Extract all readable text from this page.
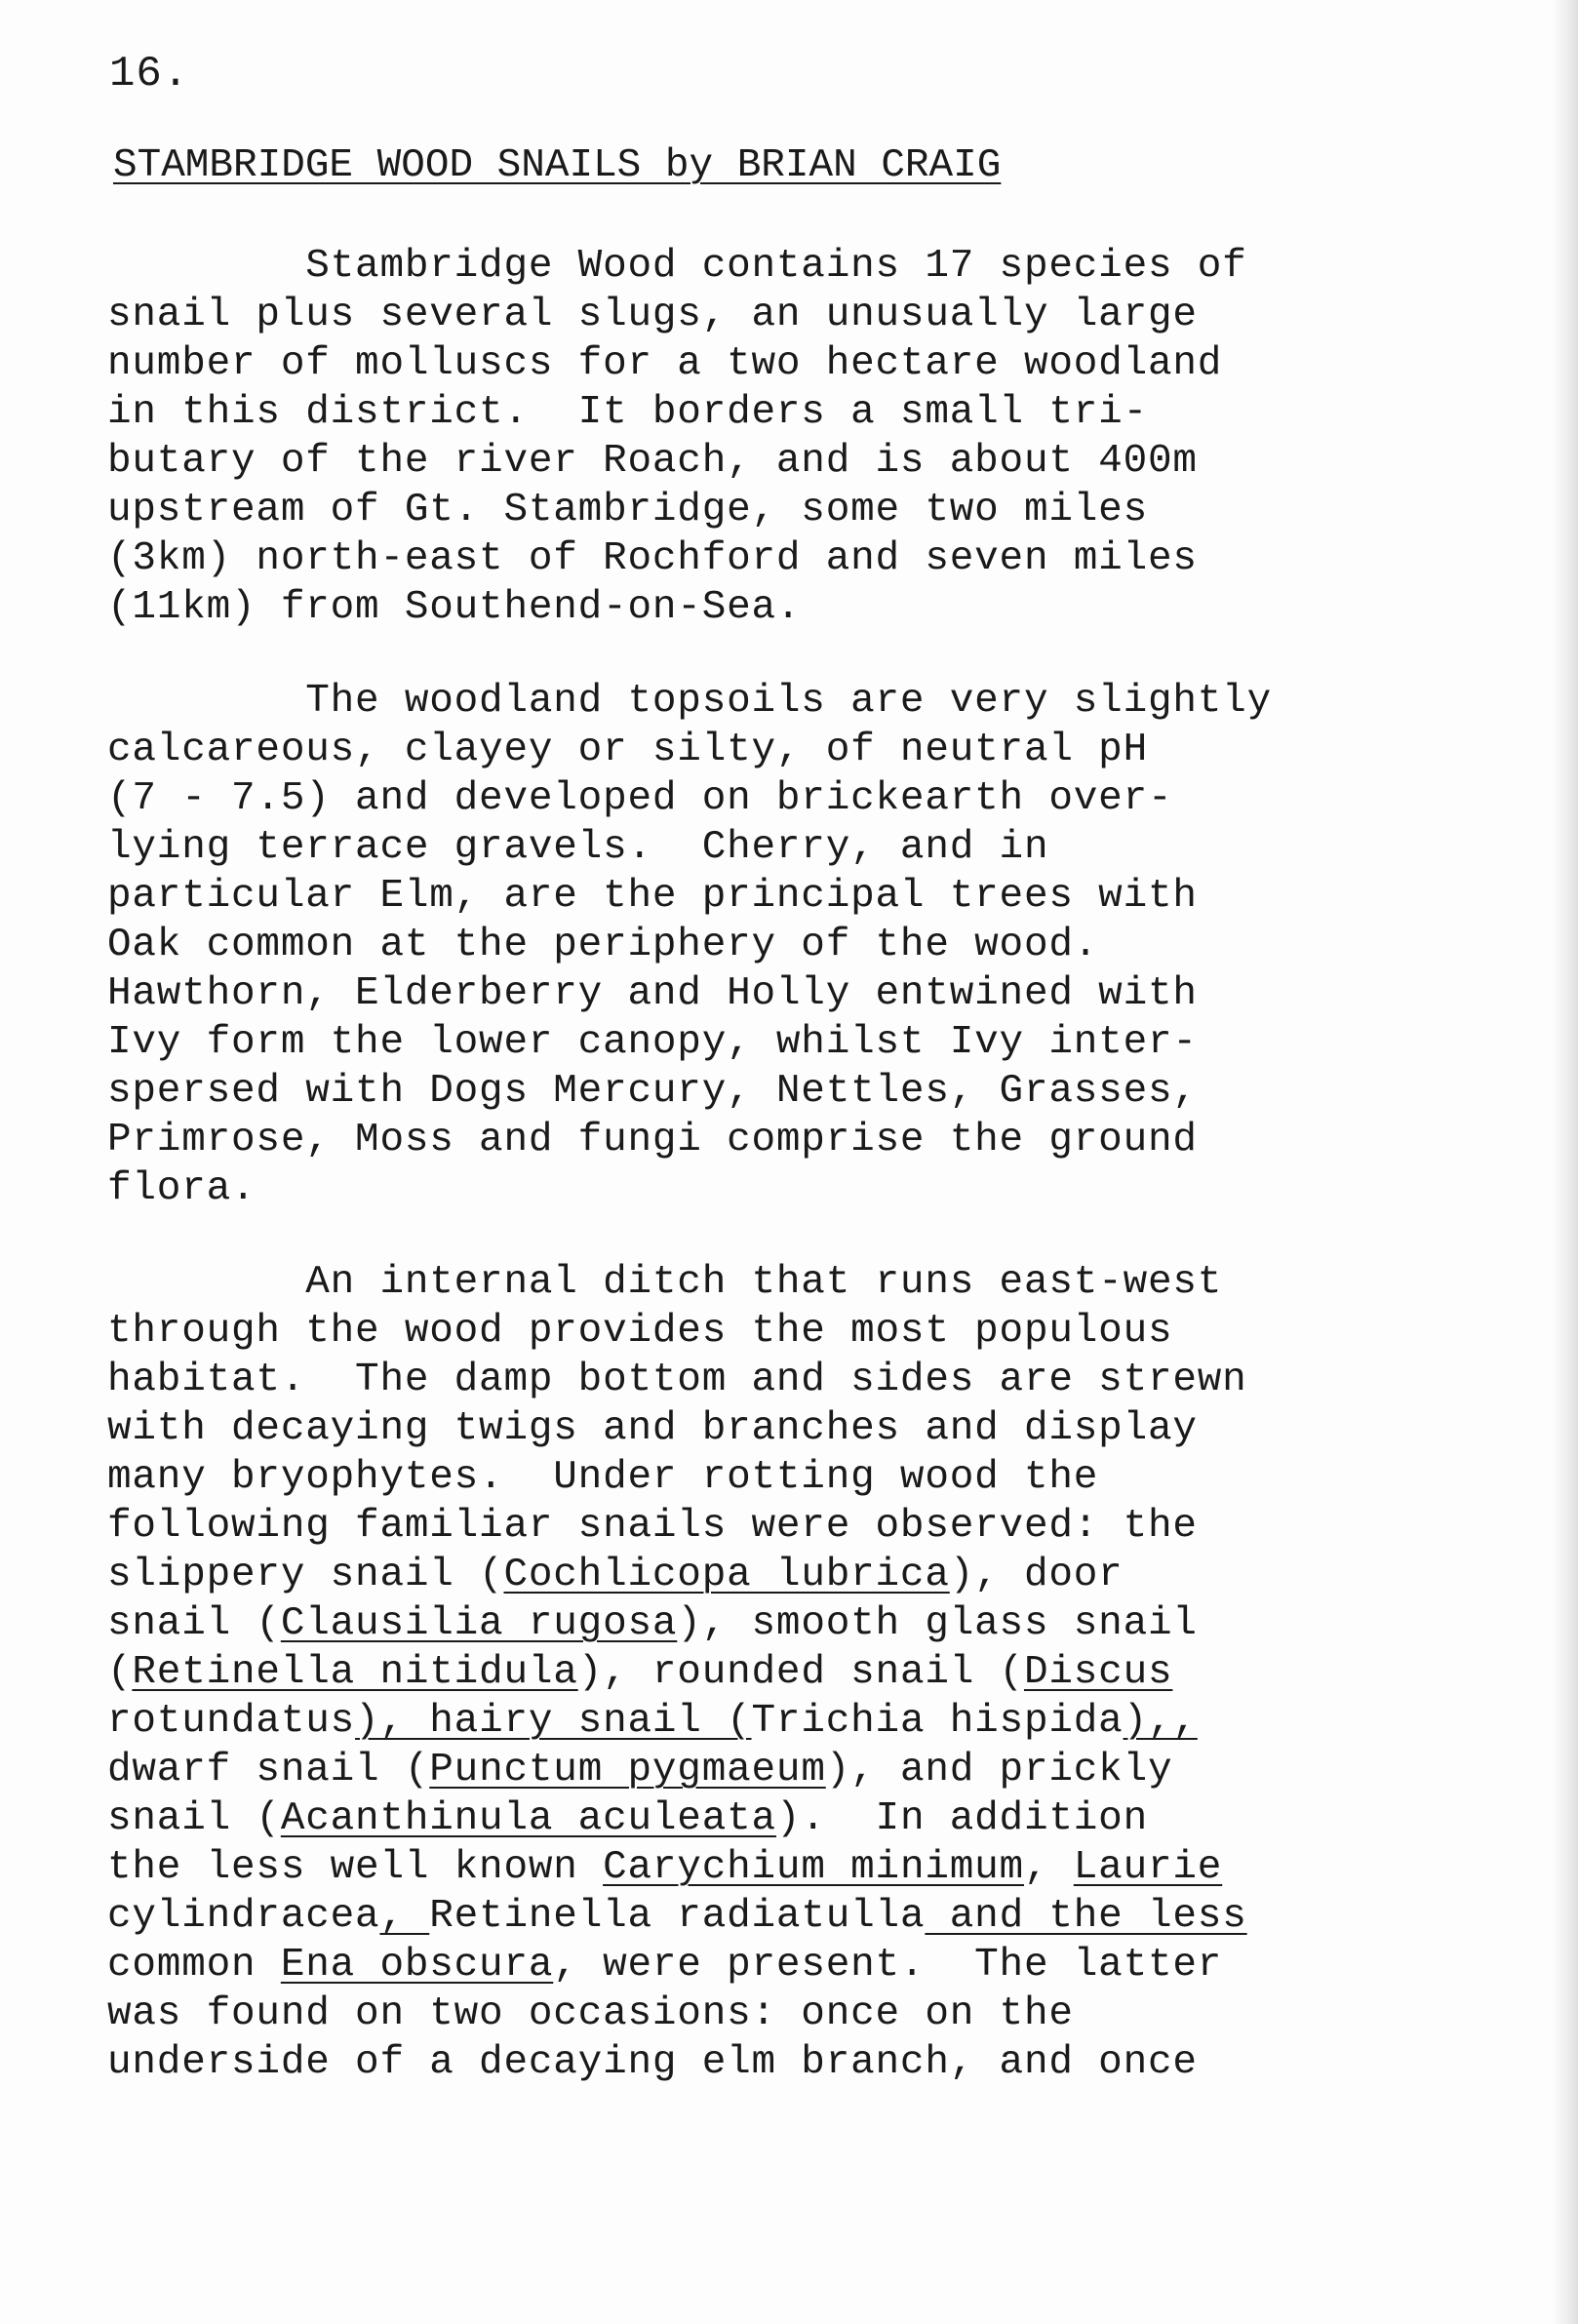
16.
STAMBRIDGE WOOD SNAILS by BRIAN CRAIG
Stambridge Wood contains 17 species of
snail plus several slugs, an unusually large
number of molluscs for a two hectare woodland
in this district.  It borders a small tri-
butary of the river Roach, and is about 400m
upstream of Gt. Stambridge, some two miles
(3km) north-east of Rochford and seven miles
(11km) from Southend-on-Sea.
The woodland topsoils are very slightly
calcareous, clayey or silty, of neutral pH
(7 - 7.5) and developed on brickearth over-
lying terrace gravels.  Cherry, and in
particular Elm, are the principal trees with
Oak common at the periphery of the wood.
Hawthorn, Elderberry and Holly entwined with
Ivy form the lower canopy, whilst Ivy inter-
spersed with Dogs Mercury, Nettles, Grasses,
Primrose, Moss and fungi comprise the ground
flora.
An internal ditch that runs east-west
through the wood provides the most populous
habitat.  The damp bottom and sides are strewn
with decaying twigs and branches and display
many bryophytes.  Under rotting wood the
following familiar snails were observed: the
slippery snail (Cochlicopa lubrica), door
snail (Clausilia rugosa), smooth glass snail
(Retinella nitidula), rounded snail (Discus
rotundatus), hairy snail (Trichia hispida),,
dwarf snail (Punctum pygmaeum), and prickly
snail (Acanthinula aculeata).  In addition
the less well known Carychium minimum, Laurie
cylindracea, Retinella radiatulla and the less
common Ena obscura, were present.  The latter
was found on two occasions: once on the
underside of a decaying elm branch, and once
